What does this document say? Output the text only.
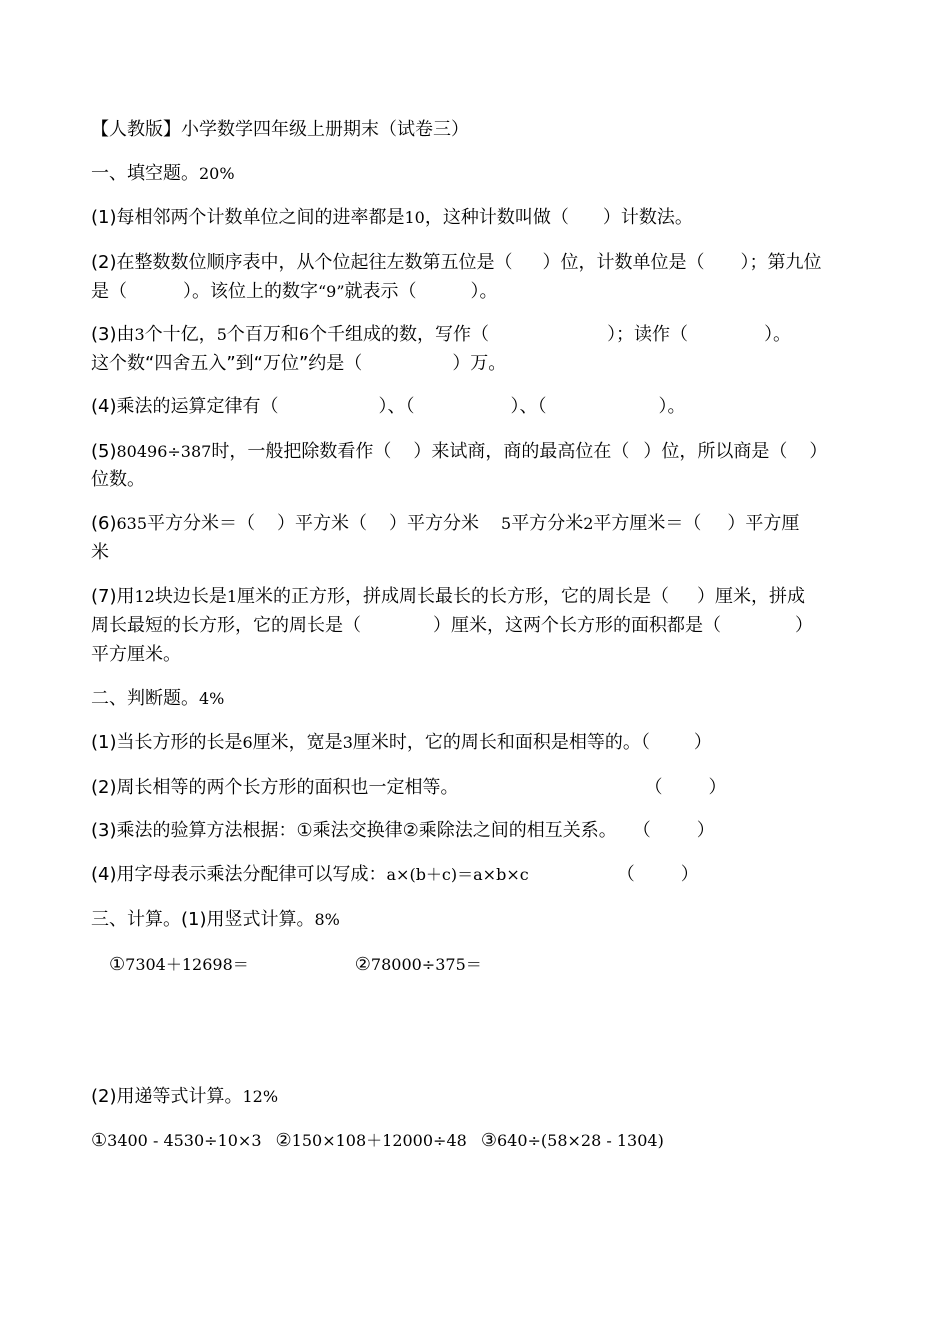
【人教版】小学数学四年级上册期末（试卷三）
一、填空题。20%
(1)每相邻两个计数单位之间的进率都是10，这种计数叫做（ ）计数法。
(2)在整数数位顺序表中，从个位起往左数第五位是（ ）位，计数单位是（ ）；第九位
是（	）。该位上的数字“9”就表示（	）。
(3)由3个十亿，5个百万和6个千组成的数，写作（	）；读作（	）。
这个数“四舍五入”到“万位”约是（	）万。
(4)乘法的运算定律有（	）、（	）、（	）。
(5)80496÷387时，一般把除数看作（ ）来试商，商的最高位在（ ）位，所以商是（ ）
位数。
(6)635平方分米＝（ ）平方米（ ）平方分米 5平方分米2平方厘米＝（ ）平方厘
米
(7)用12块边长是1厘米的正方形，拼成周长最长的长方形，它的周长是（ ）厘米，拼成
周长最短的长方形，它的周长是（	）厘米，这两个长方形的面积都是（	）
平方厘米。
二、判断题。4%
(1)当长方形的长是6厘米，宽是3厘米时，它的周长和面积是相等的。（ ）
(2)周长相等的两个长方形的面积也一定相等。	（	）
(3)乘法的验算方法根据：①乘法交换律②乘除法之间的相互关系。 （	）
(4)用字母表示乘法分配律可以写成：a×(b＋c)＝a×b×c	（	）
三、计算。(1)用竖式计算。8%
①7304＋12698＝	②78000÷375＝
(2)用递等式计算。12%
①3400 - 4530÷10×3 ②150×108＋12000÷48 ③640÷(58×28 - 1304)
